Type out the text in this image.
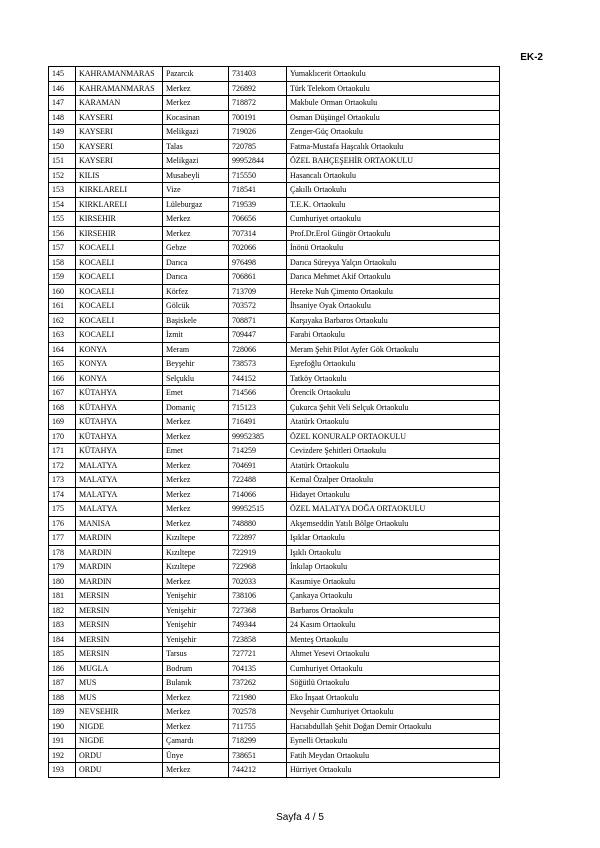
EK-2
145	KAHRAMANMARAS	Pazarcık	731403	Yumaklıcerit Ortaokulu
146	KAHRAMANMARAS	Merkez	726892	Türk Telekom Ortaokulu
147	KARAMAN	Merkez	718872	Makbule Orman Ortaokulu
148	KAYSERI	Kocasinan	700191	Osman Düşüngel Ortaokulu
149	KAYSERI	Melikgazi	719026	Zenger-Güç Ortaokulu
150	KAYSERI	Talas	720785	Fatma-Mustafa Haşcalık Ortaokulu
151	KAYSERI	Melikgazi	99952844	ÖZEL BAHÇEŞEHİR ORTAOKULU
152	KILIS	Musabeyli	715550	Hasancalı Ortaokulu
153	KIRKLARELI	Vize	718541	Çakıllı Ortaokulu
154	KIRKLARELI	Lüleburgaz	719539	T.E.K. Ortaokulu
155	KIRSEHIR	Merkez	706656	Cumhuriyet ortaokulu
156	KIRSEHIR	Merkez	707314	Prof.Dr.Erol Güngör Ortaokulu
157	KOCAELI	Gebze	702066	İnönü Ortaokulu
158	KOCAELI	Darıca	976498	Darıca Süreyya Yalçın Ortaokulu
159	KOCAELI	Darıca	706861	Darıca Mehmet Akif Ortaokulu
160	KOCAELI	Körfez	713709	Hereke Nuh Çimento Ortaokulu
161	KOCAELI	Gölcük	703572	İhsaniye Oyak Ortaokulu
162	KOCAELI	Başiskele	708871	Karşıyaka Barbaros Ortaokulu
163	KOCAELI	İzmit	709447	Farabi Ortaokulu
164	KONYA	Meram	728066	Meram Şehit Pilot Ayfer Gök Ortaokulu
165	KONYA	Beyşehir	738573	Eşrefoğlu Ortaokulu
166	KONYA	Selçuklu	744152	Tatköy Ortaokulu
167	KÜTAHYA	Emet	714566	Örencik Ortaokulu
168	KÜTAHYA	Domaniç	715123	Çukurca Şehit Veli Selçuk Ortaokulu
169	KÜTAHYA	Merkez	716491	Atatürk Ortaokulu
170	KÜTAHYA	Merkez	99952385	ÖZEL KONURALP ORTAOKULU
171	KÜTAHYA	Emet	714259	Cevizdere Şehitleri Ortaokulu
172	MALATYA	Merkez	704691	Atatürk Ortaokulu
173	MALATYA	Merkez	722488	Kemal Özalper Ortaokulu
174	MALATYA	Merkez	714066	Hidayet Ortaokulu
175	MALATYA	Merkez	99952515	ÖZEL MALATYA DOĞA ORTAOKULU
176	MANISA	Merkez	748880	Akşemseddin Yatılı Bölge Ortaokulu
177	MARDIN	Kızıltepe	722897	Işıklar Ortaokulu
178	MARDIN	Kızıltepe	722919	Işıklı Ortaokulu
179	MARDIN	Kızıltepe	722968	İnkılap Ortaokulu
180	MARDIN	Merkez	702033	Kasımiye Ortaokulu
181	MERSIN	Yenişehir	738106	Çankaya Ortaokulu
182	MERSIN	Yenişehir	727368	Barbaros Ortaokulu
183	MERSIN	Yenişehir	749344	24 Kasım Ortaokulu
184	MERSIN	Yenişehir	723858	Menteş Ortaokulu
185	MERSIN	Tarsus	727721	Ahmet Yesevi Ortaokulu
186	MUGLA	Bodrum	704135	Cumhuriyet Ortaokulu
187	MUS	Bulanık	737262	Söğütlü Ortaokulu
188	MUS	Merkez	721980	Eko İnşaat Ortaokulu
189	NEVSEHIR	Merkez	702578	Nevşehir Cumhuriyet Ortaokulu
190	NIGDE	Merkez	711755	Hacıabdullah Şehit Doğan Demir Ortaokulu
191	NIGDE	Çamardı	718299	Eynelli Ortaokulu
192	ORDU	Ünye	738651	Fatih Meydan Ortaokulu
193	ORDU	Merkez	744212	Hürriyet Ortaokulu
Sayfa 4 / 5
